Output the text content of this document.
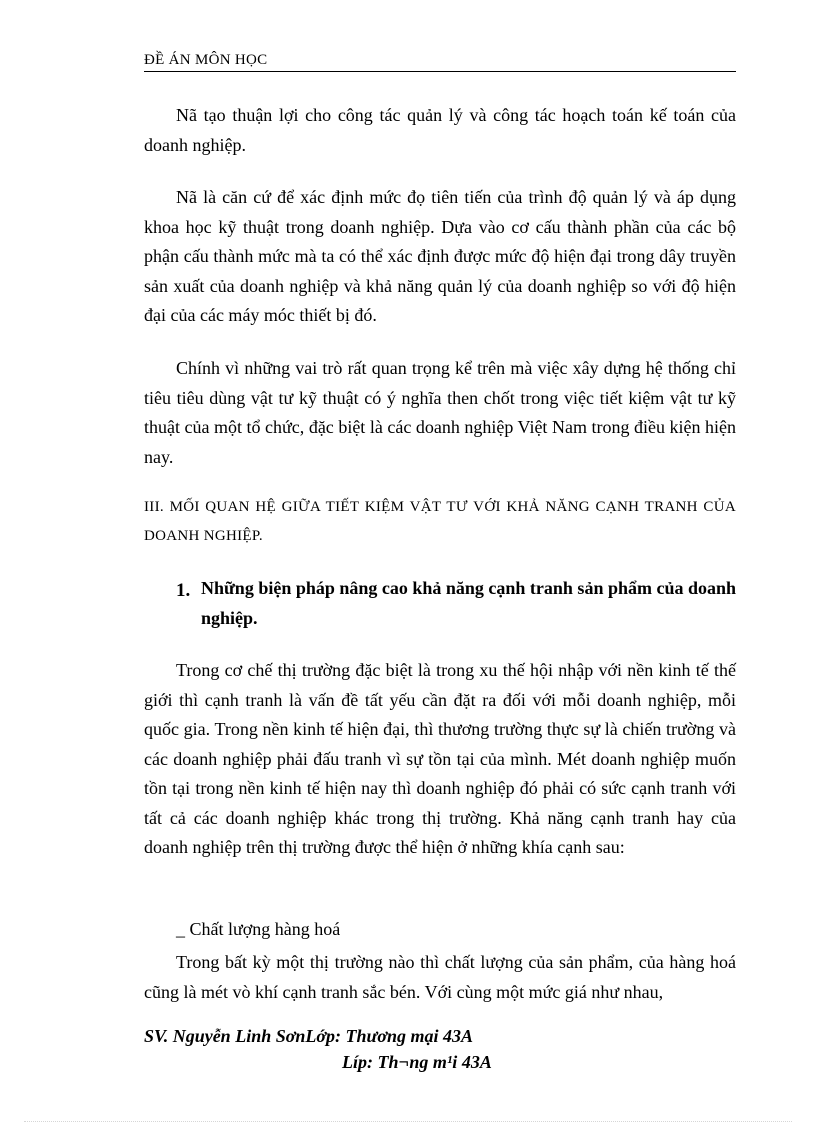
ĐỀ ÁN MÔN HỌC

Nã tạo thuận lợi cho công tác quản lý và công tác hoạch toán kế toán của doanh nghiệp.

Nã là căn cứ để xác định mức đọ tiên tiến của trình độ quản lý và áp dụng khoa học kỹ thuật trong doanh nghiệp. Dựa vào cơ cấu thành phần của các bộ phận cấu thành mức mà ta có thể xác định được mức độ hiện đại trong dây truyền sản xuất của doanh nghiệp và khả năng quản lý của doanh nghiệp so với độ hiện đại của các máy móc thiết bị đó.

Chính vì những vai trò rất quan trọng kể trên mà việc xây dựng hệ thống chỉ tiêu tiêu dùng vật tư kỹ thuật có ý nghĩa then chốt trong việc tiết kiệm vật tư kỹ thuật của một tổ chức, đặc biệt là các doanh nghiệp Việt Nam trong điều kiện hiện nay.

III. MỐI QUAN HỆ GIỮA TIẾT KIỆM VẬT TƯ VỚI KHẢ NĂNG CẠNH TRANH CỦA DOANH NGHIỆP.

1. Những biện pháp nâng cao khả năng cạnh tranh sản phẩm của doanh nghiệp.

Trong cơ chế thị trường đặc biệt là trong xu thế hội nhập với nền kinh tế thế giới thì cạnh tranh là vấn đề tất yếu cần đặt ra đối với mỗi doanh nghiệp, mỗi quốc gia. Trong nền kinh tế hiện đại, thì thương trường thực sự là chiến trường và các doanh nghiệp phải đấu tranh vì sự tồn tại của mình. Mét doanh nghiệp muốn tồn tại trong nền kinh tế hiện nay thì doanh nghiệp đó phải có sức cạnh tranh với tất cả các doanh nghiệp khác trong thị trường. Khả năng cạnh tranh hay của doanh nghiệp trên thị trường được thể hiện ở những khía cạnh sau:

_ Chất lượng hàng hoá

Trong bất kỳ một thị trường nào thì chất lượng của sản phẩm, của hàng hoá cũng là mét vò khí cạnh tranh sắc bén. Với cùng một mức giá như nhau,

SV. Nguyễn Linh SơnLớp: Thương mại 43A
Líp: Th¬ng m¹i 43A
